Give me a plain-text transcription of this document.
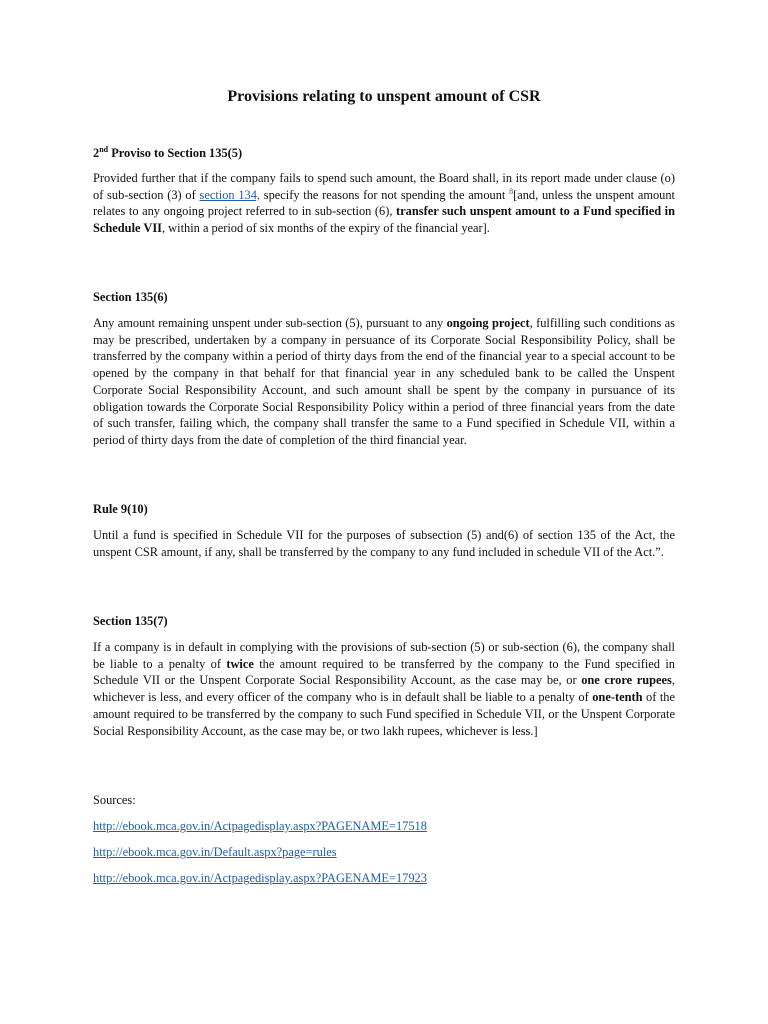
Provisions relating to unspent amount of CSR

2nd Proviso to Section 135(5)

Provided further that if the company fails to spend such amount, the Board shall, in its report made under clause (o) of sub-section (3) of section 134, specify the reasons for not spending the amount $^8$[and, unless the unspent amount relates to any ongoing project referred to in sub-section (6), transfer such unspent amount to a Fund specified in Schedule VII, within a period of six months of the expiry of the financial year].

Section 135(6)

Any amount remaining unspent under sub-section (5), pursuant to any ongoing project, fulfilling such conditions as may be prescribed, undertaken by a company in persuance of its Corporate Social Responsibility Policy, shall be transferred by the company within a period of thirty days from the end of the financial year to a special account to be opened by the company in that behalf for that financial year in any scheduled bank to be called the Unspent Corporate Social Responsibility Account, and such amount shall be spent by the company in pursuance of its obligation towards the Corporate Social Responsibility Policy within a period of three financial years from the date of such transfer, failing which, the company shall transfer the same to a Fund specified in Schedule VII, within a period of thirty days from the date of completion of the third financial year.

Rule 9(10)

Until a fund is specified in Schedule VII for the purposes of subsection (5) and(6) of section 135 of the Act, the unspent CSR amount, if any, shall be transferred by the company to any fund included in schedule VII of the Act.”.

Section 135(7)

If a company is in default in complying with the provisions of sub-section (5) or sub-section (6), the company shall be liable to a penalty of twice the amount required to be transferred by the company to the Fund specified in Schedule VII or the Unspent Corporate Social Responsibility Account, as the case may be, or one crore rupees, whichever is less, and every officer of the company who is in default shall be liable to a penalty of one-tenth of the amount required to be transferred by the company to such Fund specified in Schedule VII, or the Unspent Corporate Social Responsibility Account, as the case may be, or two lakh rupees, whichever is less.]

Sources:

http://ebook.mca.gov.in/Actpagedisplay.aspx?PAGENAME=17518
http://ebook.mca.gov.in/Default.aspx?page=rules
http://ebook.mca.gov.in/Actpagedisplay.aspx?PAGENAME=17923
